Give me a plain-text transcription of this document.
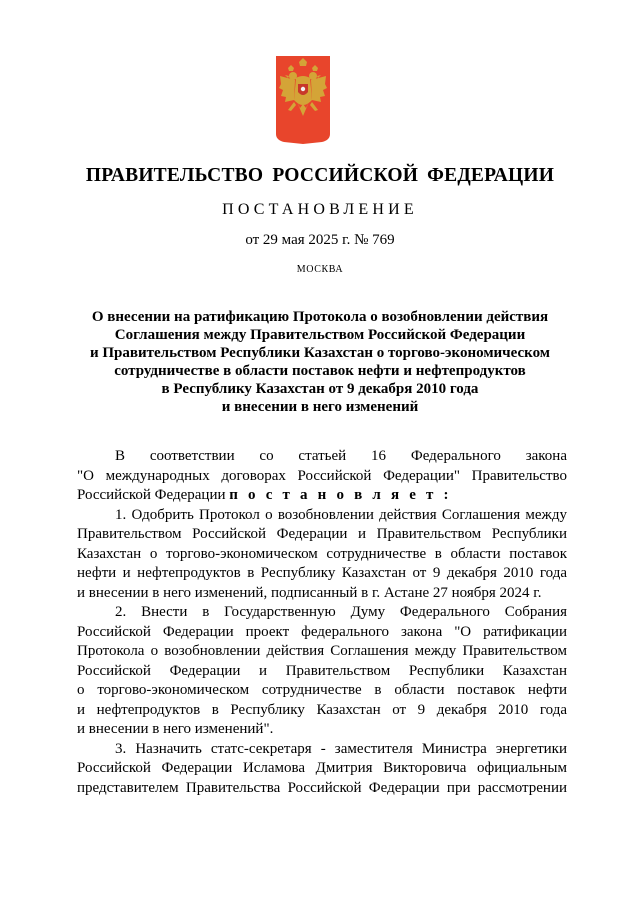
ПРАВИТЕЛЬСТВО РОССИЙСКОЙ ФЕДЕРАЦИИ
ПОСТАНОВЛЕНИЕ
от 29 мая 2025 г. № 769
МОСКВА
О внесении на ратификацию Протокола о возобновлении действия
Соглашения между Правительством Российской Федерации
и Правительством Республики Казахстан о торгово-экономическом
сотрудничестве в области поставок нефти и нефтепродуктов
в Республику Казахстан от 9 декабря 2010 года
и внесении в него изменений
В соответствии со статьей 16 Федерального закона
"О международных договорах Российской Федерации" Правительство
Российской Федерации п о с т а н о в л я е т :
1. Одобрить Протокол о возобновлении действия Соглашения между
Правительством Российской Федерации и Правительством Республики
Казахстан о торгово-экономическом сотрудничестве в области поставок
нефти и нефтепродуктов в Республику Казахстан от 9 декабря 2010 года
и внесении в него изменений, подписанный в г. Астане 27 ноября 2024 г.
2. Внести в Государственную Думу Федерального Собрания
Российской Федерации проект федерального закона "О ратификации
Протокола о возобновлении действия Соглашения между Правительством
Российской Федерации и Правительством Республики Казахстан
о торгово-экономическом сотрудничестве в области поставок нефти
и нефтепродуктов в Республику Казахстан от 9 декабря 2010 года
и внесении в него изменений".
3. Назначить статс-секретаря - заместителя Министра энергетики
Российской Федерации Исламова Дмитрия Викторовича официальным
представителем Правительства Российской Федерации при рассмотрении
